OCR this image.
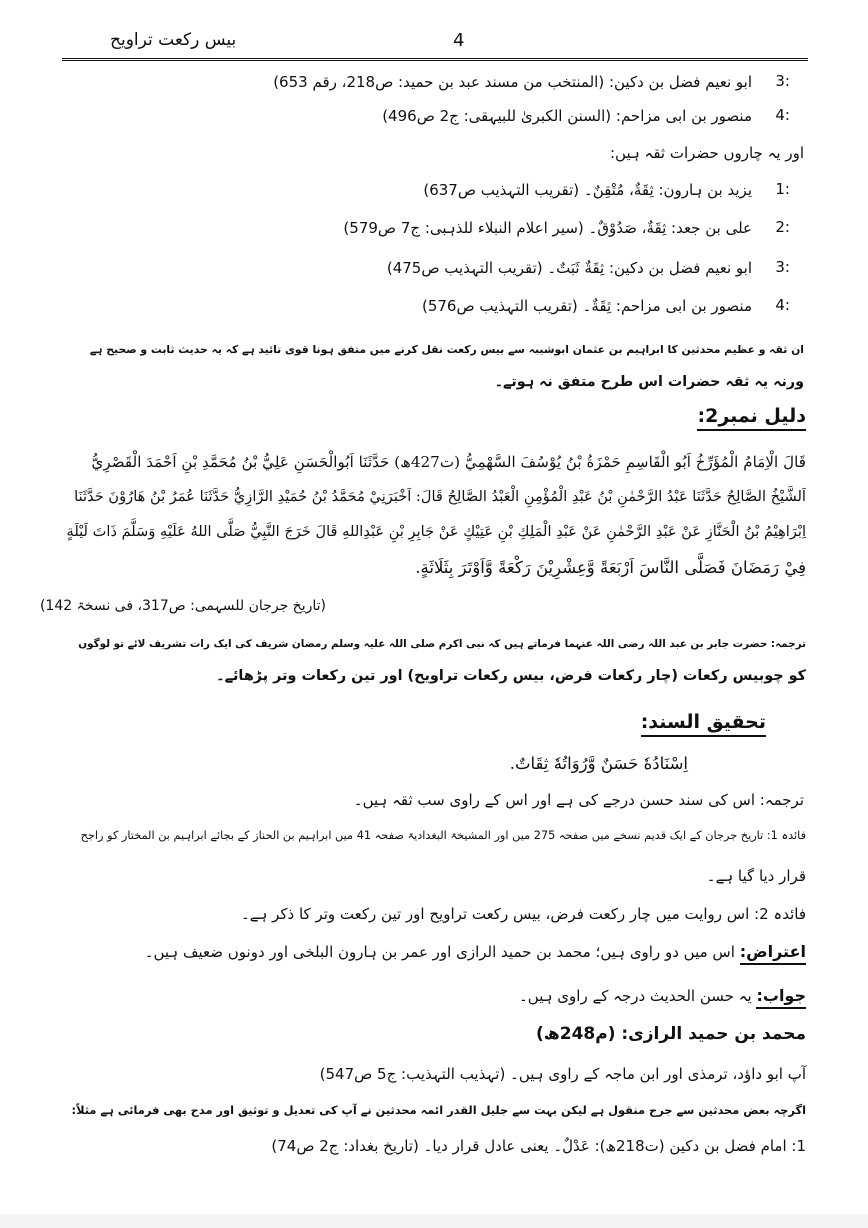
بیس رکعت تراویح	4
3:
ابو نعیم فضل بن دکین: (المنتخب من مسند عبد بن حمید: ص218، رقم 653)
4:
منصور بن ابی مزاحم: (السنن الکبریٰ للبیہقی: ج2 ص496)
اور یہ چاروں حضرات ثقہ ہیں:
1:
یزید بن ہارون: ثِقَةٌ، مُتْقِنٌ۔ (تقریب التہذیب ص637)
2:
علی بن جعد: ثِقَةٌ، صَدُوْقٌ۔ (سیر اعلام النبلاء للذہبی: ج7 ص579)
3:
ابو نعیم فضل بن دکین: ثِقَةٌ ثَبَتٌ۔ (تقریب التہذیب ص475)
4:
منصور بن ابی مزاحم: ثِقَةٌ۔ (تقریب التہذیب ص576)
ان ثقہ و عظیم محدثین کا ابراہیم بن عثمان ابوشیبہ سے بیس رکعت نقل کرنے میں متفق ہونا قوی تائید ہے کہ یہ حدیث ثابت و صحیح ہے
ورنہ یہ ثقہ حضرات اس طرح متفق نہ ہوتے۔
دلیل نمبر2:
قَالَ الْاِمَامُ الْمُؤَرِّخُ اَبُو الْقَاسِمِ حَمْزَةُ بْنُ يُوْسُفَ السَّهْمِيُّ (ت427ھ) حَدَّثَنَا اَبُوالْحَسَنِ عَلِيُّ بْنُ مُحَمَّدِ بْنِ اَحْمَدَ الْقَصْرِيُّ
اَلشَّيْخُ الصَّالِحُ حَدَّثَنَا عَبْدُ الرَّحْمٰنِ بْنُ عَبْدِ الْمُؤْمِنِ الْعَبْدُ الصَّالِحُ قَالَ: اَخْبَرَنِيْ مُحَمَّدُ بْنُ حُمَيْدِ الرَّازِيُّ حَدَّثَنَا عُمَرُ بْنُ هَارُوْنَ حَدَّثَنَا
اِبْرَاهِيْمُ بْنُ الْحَنَّازِ عَنْ عَبْدِ الرَّحْمٰنِ عَنْ عَبْدِ الْمَلِكِ بْنِ عَتِيْكٍ عَنْ جَابِرِ بْنِ عَبْدِاللهِ قَالَ خَرَجَ النَّبِيُّ صَلَّى اللهُ عَلَيْهِ وَسَلَّمَ ذَاتَ لَيْلَةٍ
فِيْ رَمَضَانَ فَصَلَّى النَّاسَ اَرْبَعَةً وَّعِشْرِيْنَ رَكْعَةً وَّاَوْتَرَ بِثَلَاثَةٍ.
(تاریخ جرجان للسہمی: ص317، فی نسخۃ 142)
ترجمہ: حضرت جابر بن عبد اللہ رضی اللہ عنہما فرماتے ہیں کہ نبی اکرم صلی اللہ علیہ وسلم رمضان شریف کی ایک رات تشریف لائے تو لوگوں
کو چوبیس رکعات (چار رکعات فرض، بیس رکعات تراویح) اور تین رکعات وتر پڑھائے۔
تحقیق السند:
اِسْنَادُهٗ حَسَنٌ وَّرُوَاتُهٗ ثِقَاتٌ.
ترجمہ: اس کی سند حسن درجے کی ہے اور اس کے راوی سب ثقہ ہیں۔
فائدہ 1: تاریخ جرجان کے ایک قدیم نسخے میں صفحہ 275 میں اور المشیخۃ البغدادیۃ صفحہ 41 میں ابراہیم بن الحناز کے بجائے ابراہیم بن المختار کو راجح
قرار دیا گیا ہے۔
فائدہ 2: اس روایت میں چار رکعت فرض، بیس رکعت تراویح اور تین رکعت وتر کا ذکر ہے۔
اعتراض: اس میں دو راوی ہیں؛ محمد بن حمید الرازی اور عمر بن ہارون البلخی اور دونوں ضعیف ہیں۔
جواب: یہ حسن الحدیث درجہ کے راوی ہیں۔
محمد بن حمید الرازی: (م248ھ)
آپ ابو داؤد، ترمذی اور ابن ماجہ کے راوی ہیں۔ (تہذیب التہذیب: ج5 ص547)
اگرچہ بعض محدثین سے جرح منقول ہے لیکن بہت سے جلیل القدر ائمہ محدثین نے آپ کی تعدیل و توثیق اور مدح بھی فرمائی ہے مثلاً:
1: امام فضل بن دکین (ت218ھ): عَدْلٌ۔ یعنی عادل قرار دیا۔ (تاریخ بغداد: ج2 ص74)
